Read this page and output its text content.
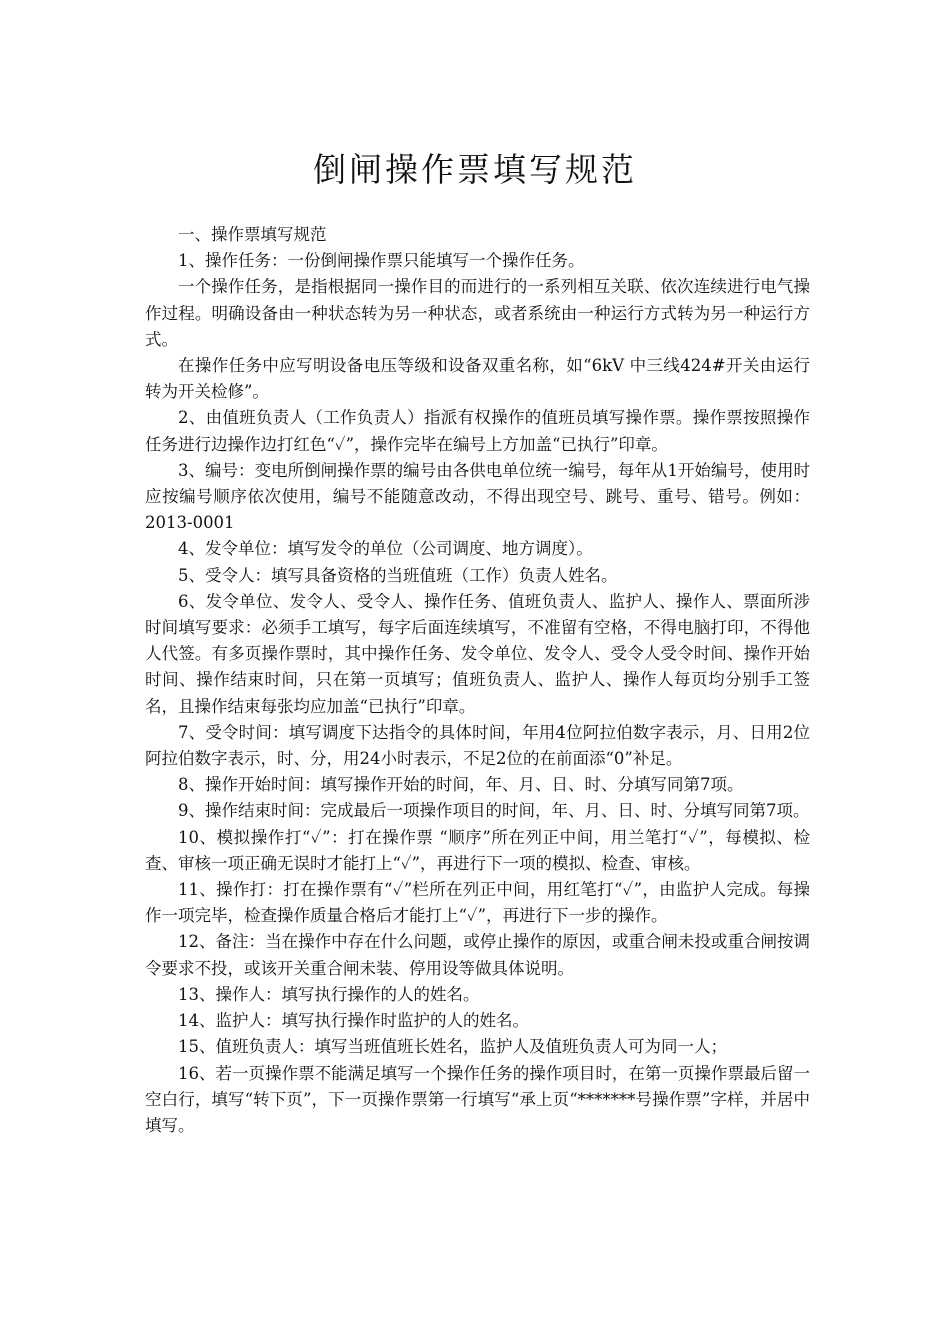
倒闸操作票填写规范

一、操作票填写规范

1、操作任务：一份倒闸操作票只能填写一个操作任务。

一个操作任务，是指根据同一操作目的而进行的一系列相互关联、依次连续进行电气操作过程。明确设备由一种状态转为另一种状态，或者系统由一种运行方式转为另一种运行方式。

在操作任务中应写明设备电压等级和设备双重名称，如“6kV 中三线424#开关由运行转为开关检修”。

2、由值班负责人（工作负责人）指派有权操作的值班员填写操作票。操作票按照操作任务进行边操作边打红色“✓”，操作完毕在编号上方加盖“已执行”印章。

3、编号：变电所倒闸操作票的编号由各供电单位统一编号，每年从1开始编号，使用时应按编号顺序依次使用，编号不能随意改动，不得出现空号、跳号、重号、错号。例如：2013-0001

4、发令单位：填写发令的单位（公司调度、地方调度）。

5、受令人：填写具备资格的当班值班（工作）负责人姓名。

6、发令单位、发令人、受令人、操作任务、值班负责人、监护人、操作人、票面所涉时间填写要求：必须手工填写，每字后面连续填写，不准留有空格，不得电脑打印，不得他人代签。有多页操作票时，其中操作任务、发令单位、发令人、受令人受令时间、操作开始时间、操作结束时间，只在第一页填写；值班负责人、监护人、操作人每页均分别手工签名，且操作结束每张均应加盖“已执行”印章。

7、受令时间：填写调度下达指令的具体时间，年用4位阿拉伯数字表示，月、日用2位阿拉伯数字表示，时、分，用24小时表示，不足2位的在前面添“0”补足。

8、操作开始时间：填写操作开始的时间，年、月、日、时、分填写同第7项。

9、操作结束时间：完成最后一项操作项目的时间，年、月、日、时、分填写同第7项。

10、模拟操作打“✓”：打在操作票 “顺序”所在列正中间，用兰笔打“✓”，每模拟、检查、审核一项正确无误时才能打上“✓”，再进行下一项的模拟、检查、审核。

11、操作打：打在操作票有“✓”栏所在列正中间，用红笔打“✓”，由监护人完成。每操作一项完毕，检查操作质量合格后才能打上“✓”，再进行下一步的操作。

12、备注：当在操作中存在什么问题，或停止操作的原因，或重合闸未投或重合闸按调令要求不投，或该开关重合闸未装、停用设等做具体说明。

13、操作人：填写执行操作的人的姓名。

14、监护人：填写执行操作时监护的人的姓名。

15、值班负责人：填写当班值班长姓名，监护人及值班负责人可为同一人；

16、若一页操作票不能满足填写一个操作任务的操作项目时，在第一页操作票最后留一空白行，填写“转下页”，下一页操作票第一行填写“承上页“*******号操作票”字样，并居中填写。
